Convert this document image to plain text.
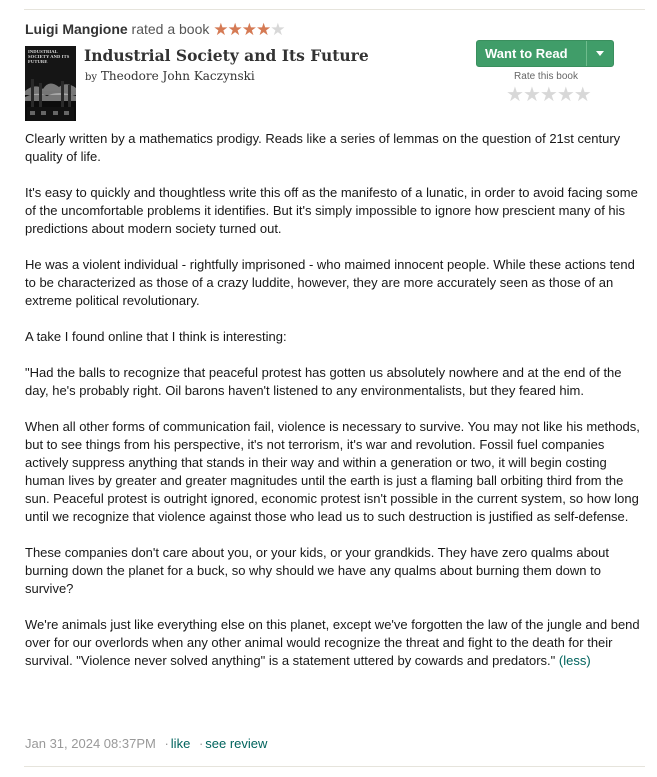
Luigi Mangione rated a book ★★★★★
INDUSTRIAL SOCIETY AND ITS FUTURE	Industrial Society and Its Future
by Theodore John Kaczynski
Want to Read
Rate this book
★★★★★

Clearly written by a mathematics prodigy. Reads like a series of lemmas on the question of 21st century quality of life.

It's easy to quickly and thoughtless write this off as the manifesto of a lunatic, in order to avoid facing some of the uncomfortable problems it identifies. But it's simply impossible to ignore how prescient many of his predictions about modern society turned out.

He was a violent individual - rightfully imprisoned - who maimed innocent people. While these actions tend to be characterized as those of a crazy luddite, however, they are more accurately seen as those of an extreme political revolutionary.

A take I found online that I think is interesting:

"Had the balls to recognize that peaceful protest has gotten us absolutely nowhere and at the end of the day, he's probably right. Oil barons haven't listened to any environmentalists, but they feared him.

When all other forms of communication fail, violence is necessary to survive. You may not like his methods, but to see things from his perspective, it's not terrorism, it's war and revolution. Fossil fuel companies actively suppress anything that stands in their way and within a generation or two, it will begin costing human lives by greater and greater magnitudes until the earth is just a flaming ball orbiting third from the sun. Peaceful protest is outright ignored, economic protest isn't possible in the current system, so how long until we recognize that violence against those who lead us to such destruction is justified as self-defense.

These companies don't care about you, or your kids, or your grandkids. They have zero qualms about burning down the planet for a buck, so why should we have any qualms about burning them down to survive?

We're animals just like everything else on this planet, except we've forgotten the law of the jungle and bend over for our overlords when any other animal would recognize the threat and fight to the death for their survival. "Violence never solved anything" is a statement uttered by cowards and predators." (less)

Jan 31, 2024 08:37PM · like · see review
